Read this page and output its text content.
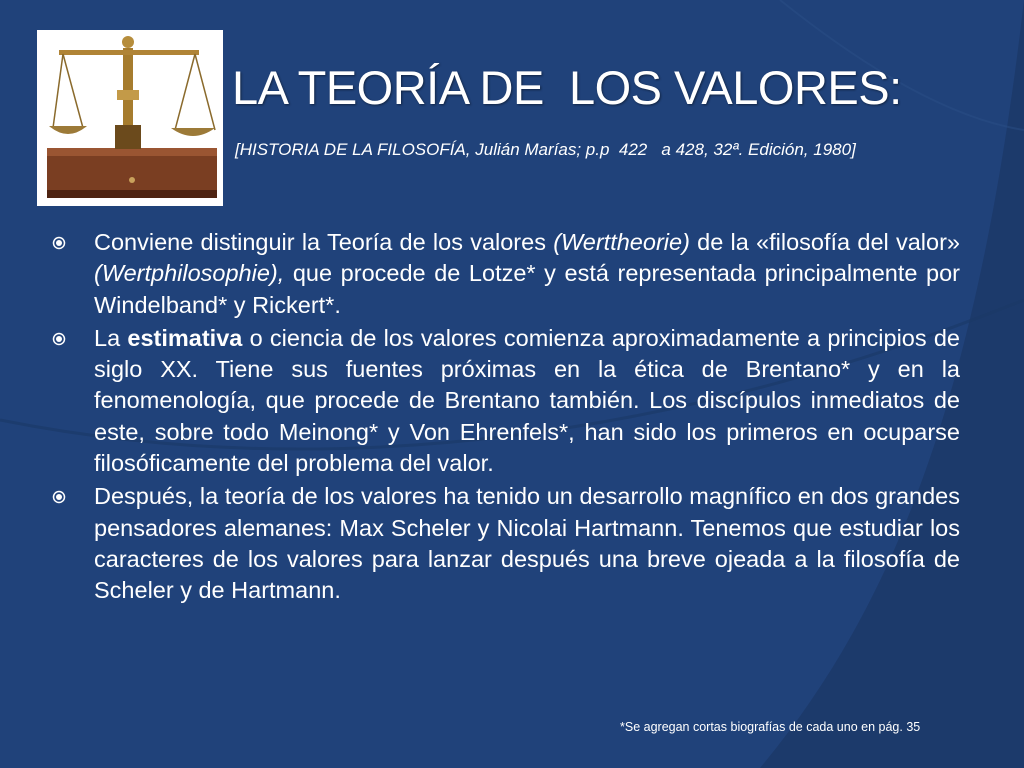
LA TEORÍA DE  LOS VALORES:
[HISTORIA DE LA FILOSOFÍA, Julián Marías; p.p  422   a 428, 32ª. Edición, 1980]
Conviene distinguir la Teoría de los valores (Werttheorie) de la «filosofía del valor» (Wertphilosophie), que procede de Lotze* y está representada principalmente por Windelband* y Rickert*.
La estimativa o ciencia de los valores comienza aproximadamente a principios de siglo XX. Tiene sus fuentes próximas en la ética de Brentano* y en la fenomenología, que procede de Brentano también. Los discípulos inmediatos de este, sobre todo Meinong* y Von Ehrenfels*, han sido los primeros en ocuparse filosóficamente del problema del valor.
Después, la teoría de los valores ha tenido un desarrollo magnífico en dos grandes pensadores alemanes: Max Scheler y Nicolai Hartmann. Tenemos que estudiar los caracteres de los valores para lanzar después una breve ojeada a la filosofía de Scheler y de Hartmann.
*Se agregan cortas biografías de cada uno en pág. 35
